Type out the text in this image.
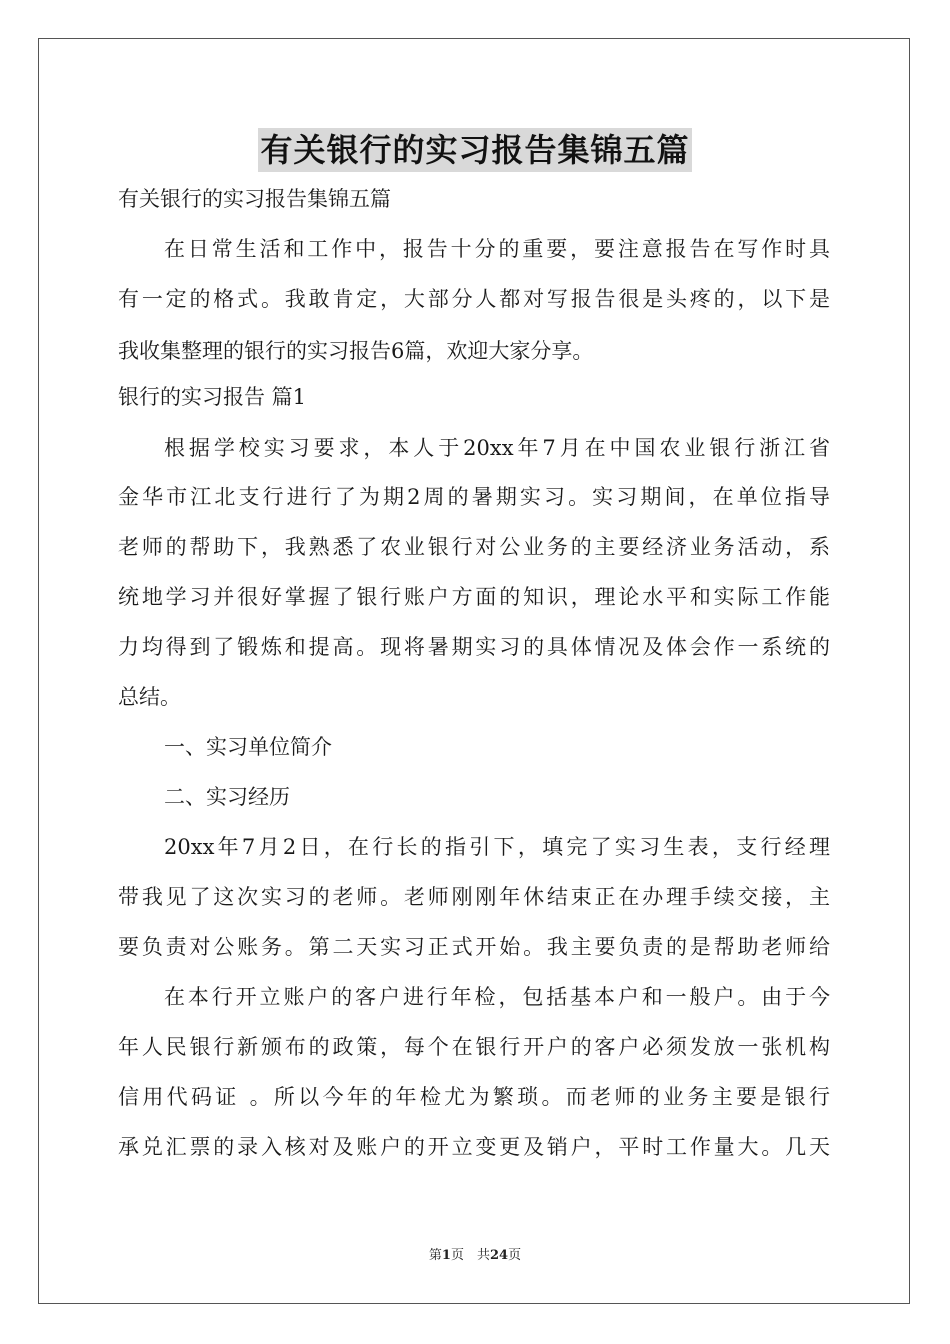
有关银行的实习报告集锦五篇
有关银行的实习报告集锦五篇
在日常生活和工作中，报告十分的重要，要注意报告在写作时具
有一定的格式。我敢肯定，大部分人都对写报告很是头疼的，以下是
我收集整理的银行的实习报告6篇，欢迎大家分享。
银行的实习报告 篇1
根据学校实习要求，本人于20xx年7月在中国农业银行浙江省
金华市江北支行进行了为期2周的暑期实习。实习期间，在单位指导
老师的帮助下，我熟悉了农业银行对公业务的主要经济业务活动，系
统地学习并很好掌握了银行账户方面的知识，理论水平和实际工作能
力均得到了锻炼和提高。现将暑期实习的具体情况及体会作一系统的
总结。
一、实习单位简介
二、实习经历
20xx年7月2日，在行长的指引下，填完了实习生表，支行经理
带我见了这次实习的老师。老师刚刚年休结束正在办理手续交接，主
要负责对公账务。第二天实习正式开始。我主要负责的是帮助老师给
在本行开立账户的客户进行年检，包括基本户和一般户。由于今
年人民银行新颁布的政策，每个在银行开户的客户必须发放一张机构
信用代码证 。所以今年的年检尤为繁琐。而老师的业务主要是银行
承兑汇票的录入核对及账户的开立变更及销户，平时工作量大。几天
第1页　共24页
